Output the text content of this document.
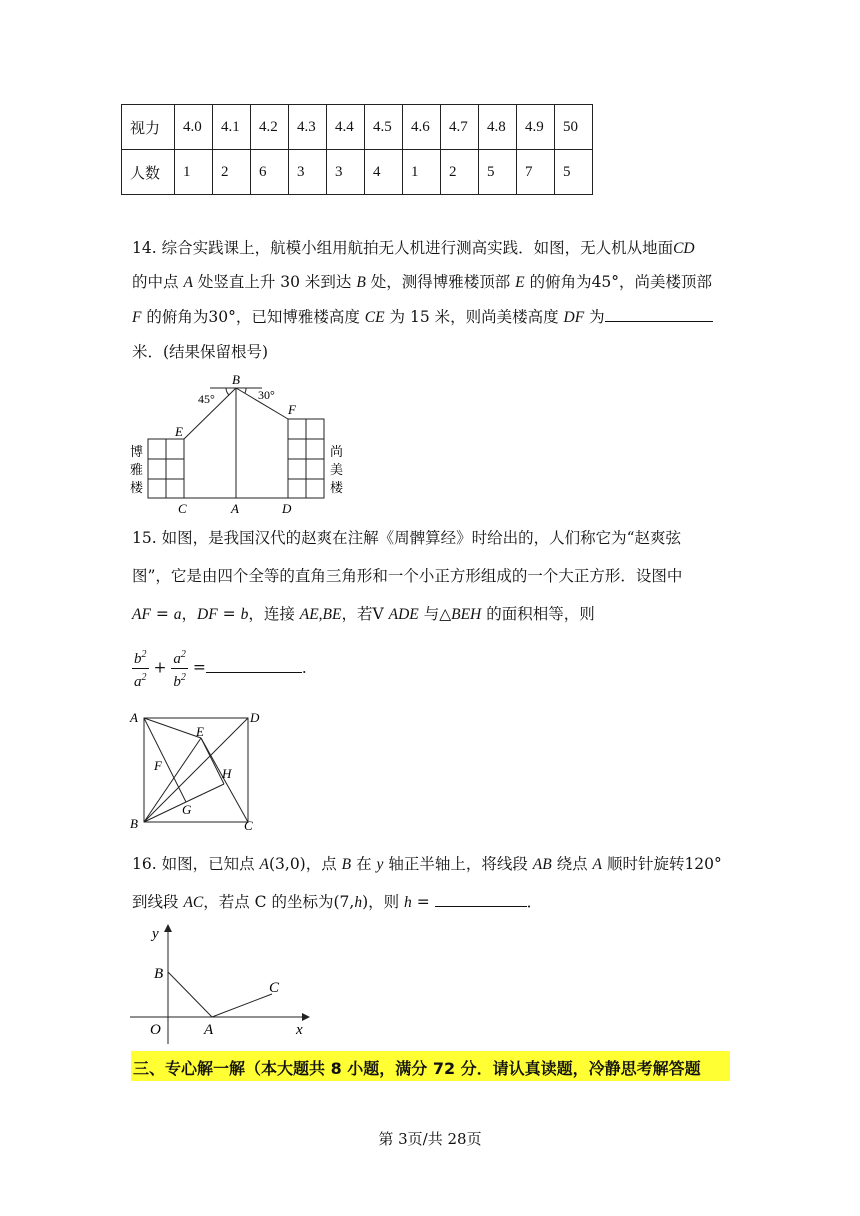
视力	4.0	4.1	4.2	4.3	4.4	4.5	4.6	4.7	4.8	4.9	50
人数	1	2	6	3	3	4	1	2	5	7	5
14. 综合实践课上，航模小组用航拍无人机进行测高实践．如图，无人机从地面CD
的中点 A 处竖直上升 30 米到达 B 处，测得博雅楼顶部 E 的俯角为45°，尚美楼顶部
F 的俯角为30°，已知博雅楼高度 CE 为 15 米，则尚美楼高度 DF 为
米．(结果保留根号)
B
45°	30°
E
F
C	A	D
博
雅
楼
尚
美
楼
15. 如图，是我国汉代的赵爽在注解《周髀算经》时给出的，人们称它为“赵爽弦
图”，它是由四个全等的直角三角形和一个小正方形组成的一个大正方形．设图中
AF = a，DF = b，连接 AE,BE，若V ADE 与△BEH 的面积相等，则
$\frac{b^2}{a^2} + \frac{a^2}{b^2}$ =	．
A	D
E
F
H
G
B	C
16. 如图，已知点 A(3,0)，点 B 在 y 轴正半轴上，将线段 AB 绕点 A 顺时针旋转120°
到线段 AC，若点 C 的坐标为(7,h)，则 h =	．
y
B
C
O	A	x
三、专心解一解（本大题共 8 小题，满分 72 分．请认真读题，冷静思考解答题
第 3页/共 28页
